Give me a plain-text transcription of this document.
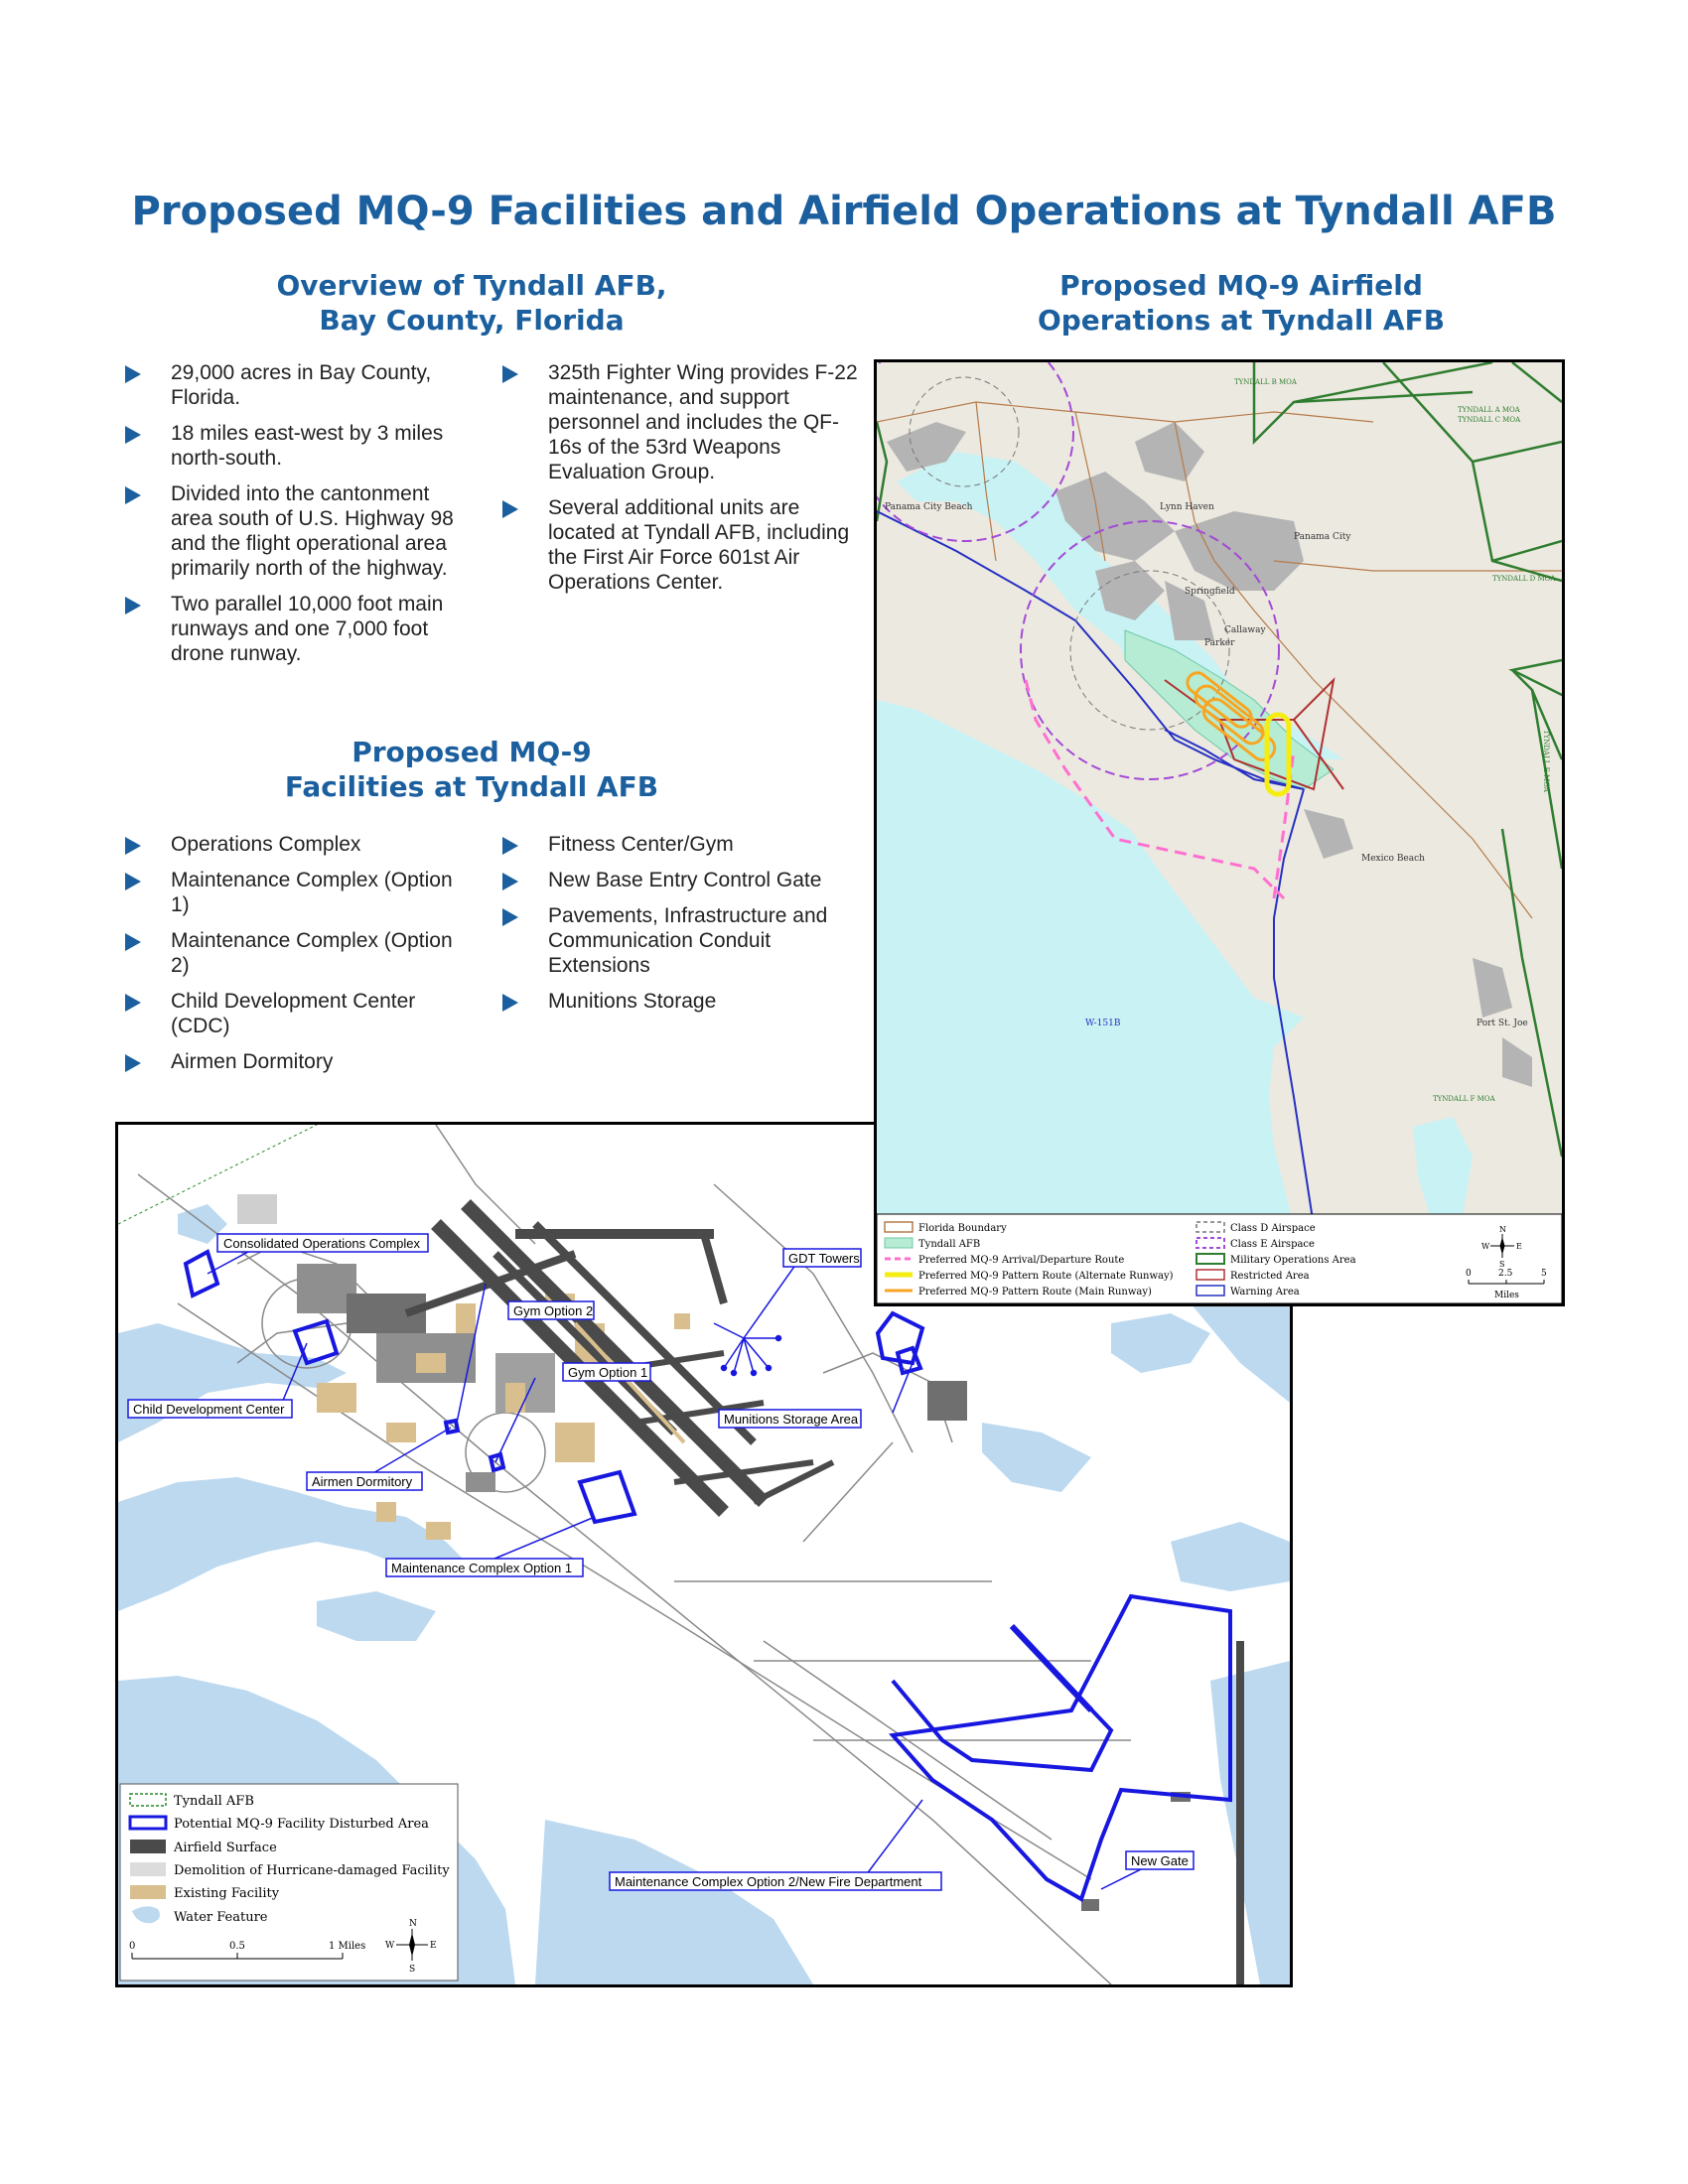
Proposed MQ-9 Facilities and Airfield Operations at Tyndall AFB
Overview of Tyndall AFB,
Bay County, Florida
Proposed MQ-9 Airfield
Operations at Tyndall AFB
29,000 acres in Bay County, Florida.
18 miles east-west by 3 miles north-south.
Divided into the cantonment area south of U.S. Highway 98 and the flight operational area primarily north of the highway.
Two parallel 10,000 foot main runways and one 7,000 foot drone runway.
325th Fighter Wing provides F-22 maintenance, and support personnel and includes the QF-16s of the 53rd Weapons Evaluation Group.
Several additional units are located at Tyndall AFB, including the First Air Force 601st Air Operations Center.
Proposed MQ-9
Facilities at Tyndall AFB
Operations Complex
Maintenance Complex (Option 1)
Maintenance Complex (Option 2)
Child Development Center (CDC)
Airmen Dormitory
Fitness Center/Gym
New Base Entry Control Gate
Pavements, Infrastructure and Communication Conduit Extensions
Munitions Storage
Consolidated Operations Complex
Gym Option 2
Gym Option 1
GDT Towers
Child Development Center
Munitions Storage Area
Airmen Dormitory
Maintenance Complex Option 1
Maintenance Complex Option 2/New Fire Department
New Gate
Tyndall AFB
Potential MQ-9 Facility Disturbed Area
Airfield Surface
Demolition of Hurricane-damaged Facility
Existing Facility
Water Feature
0	0.5	1 Miles
N
S
E
W
Panama City Beach	Lynn Haven
Panama City
Springfield
Callaway
Parker
Mexico Beach
Port St. Joe
W-151B
TYNDALL B MOA
TYNDALL A MOA
TYNDALL C MOA
TYNDALL D MOA
TYNDALL E MOA
TYNDALL F MOA
Florida Boundary
Tyndall AFB
Preferred MQ-9 Arrival/Departure Route
Preferred MQ-9 Pattern Route (Alternate Runway)
Preferred MQ-9 Pattern Route (Main Runway)
Class D Airspace
Class E Airspace
Military Operations Area
Restricted Area
Warning Area
N
S
E
W
0	2.5	5
Miles
